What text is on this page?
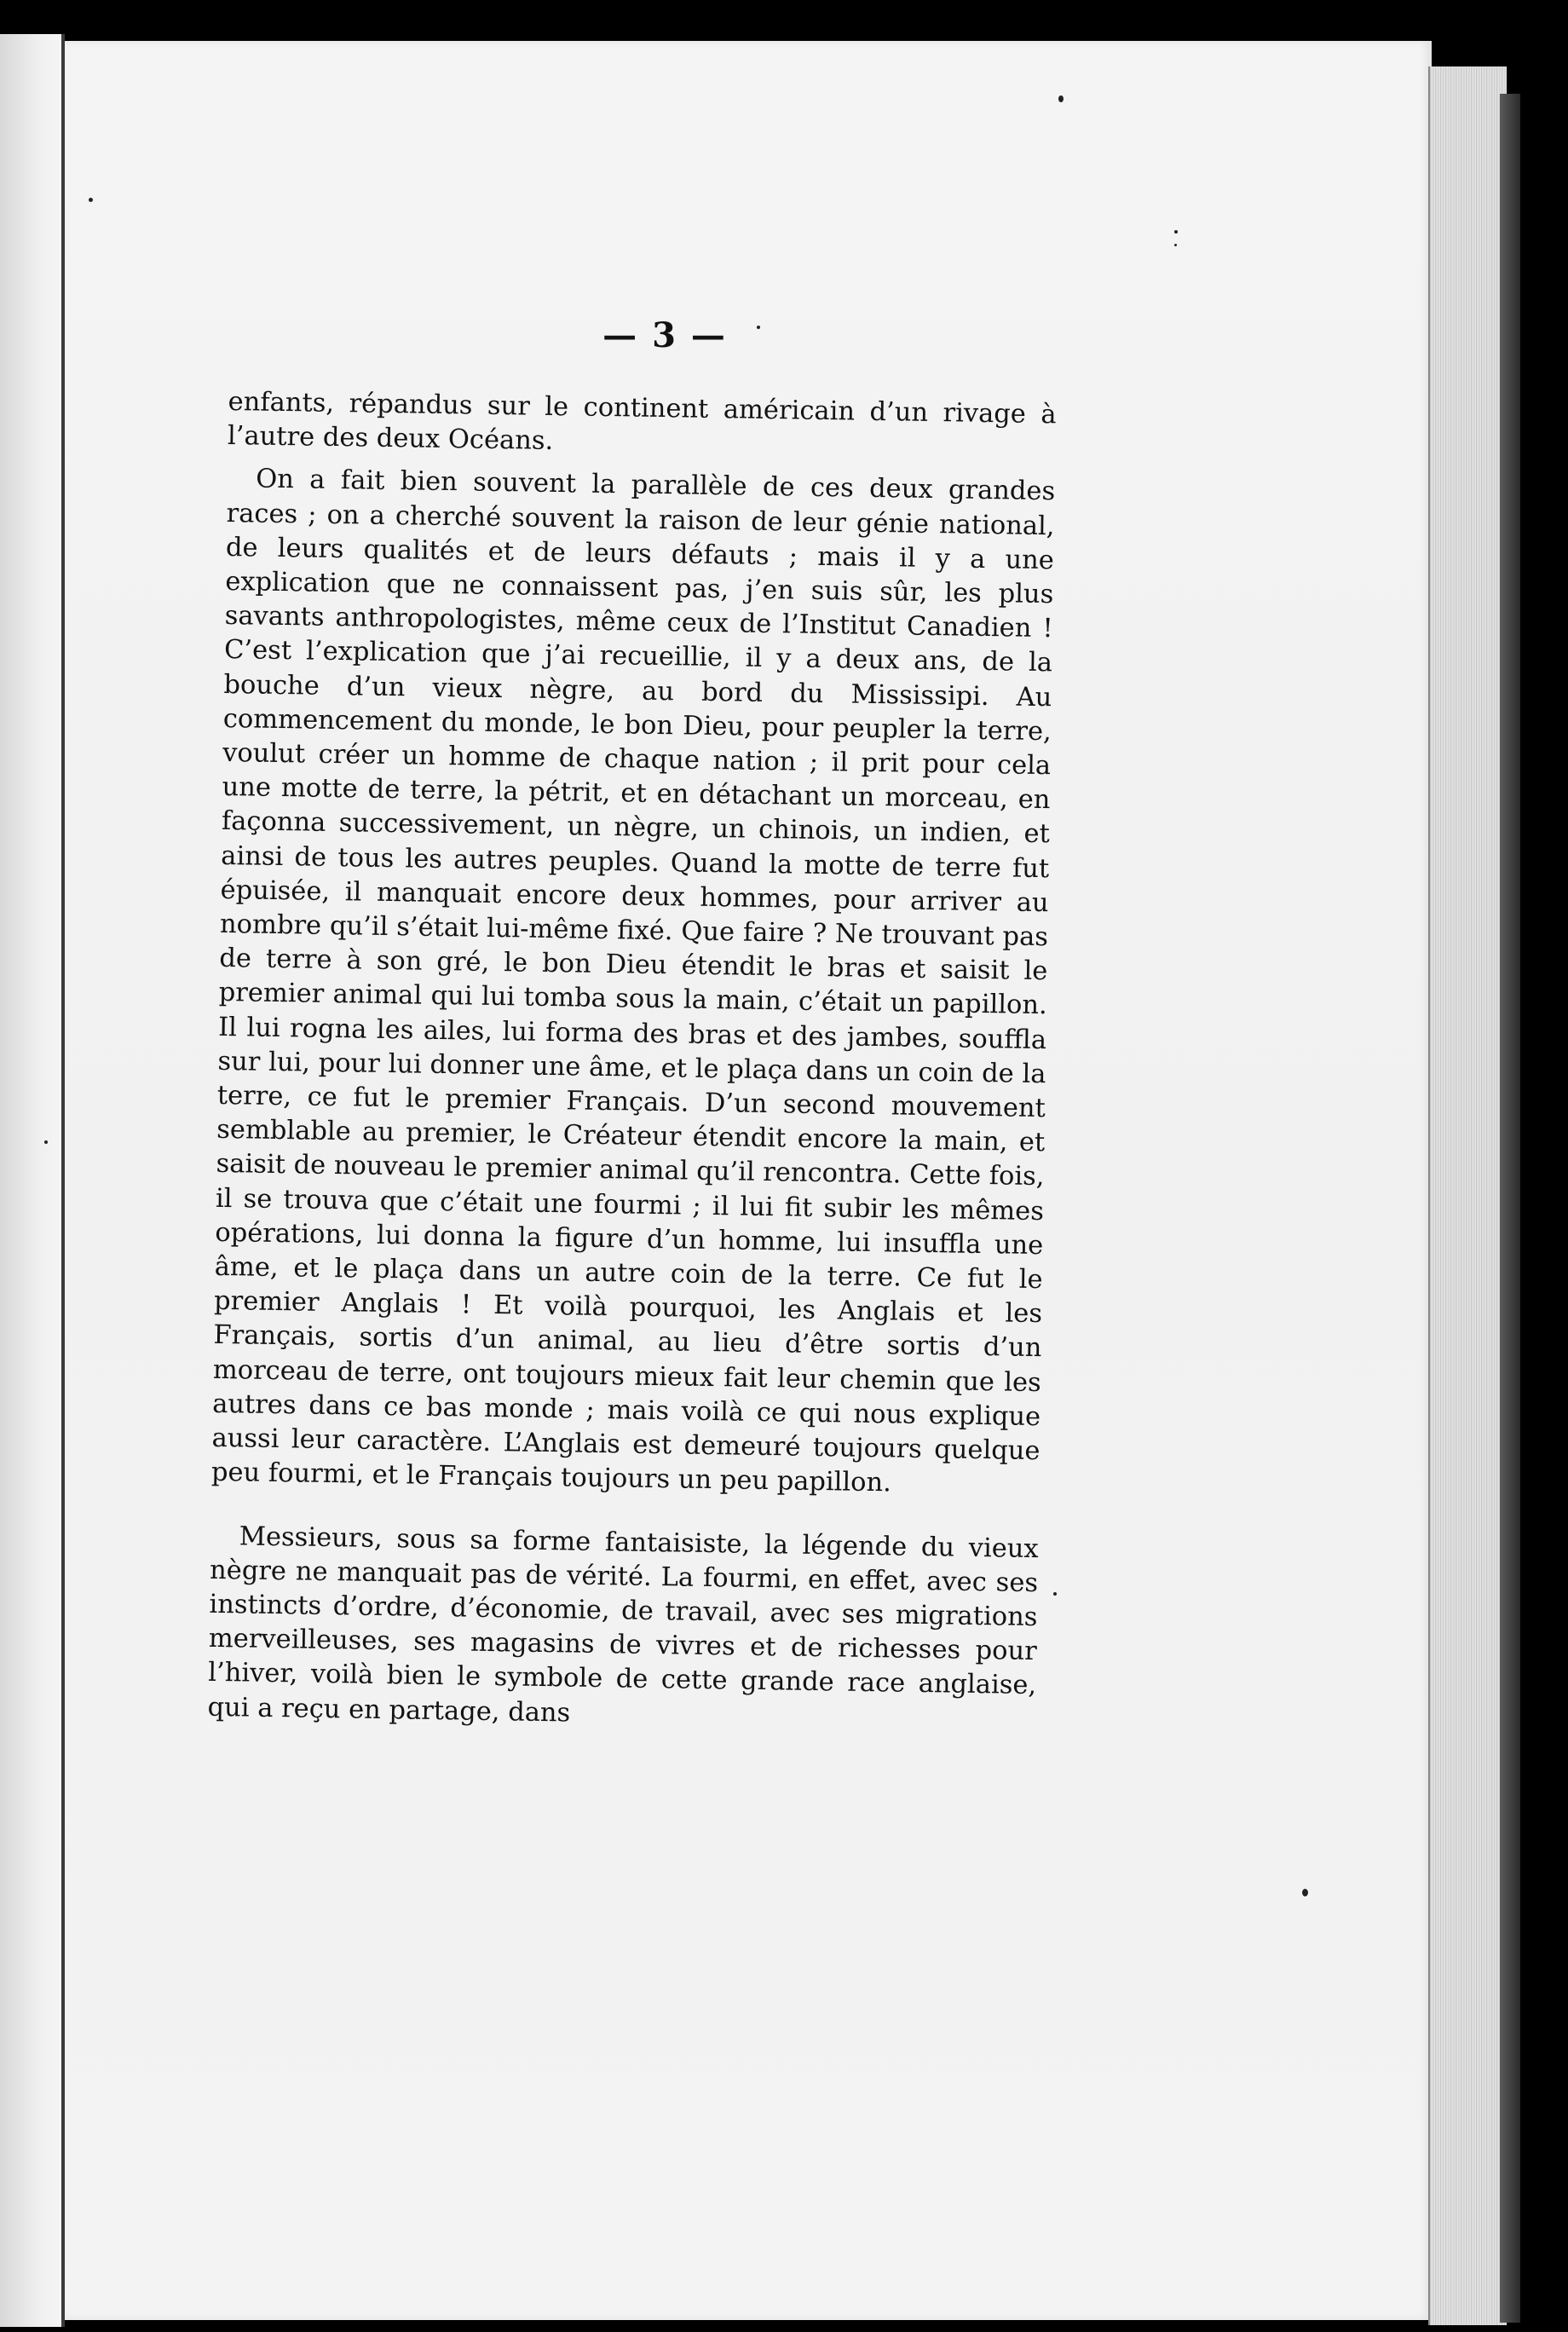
— 3 —

enfants, répandus sur le continent américain d’un rivage à l’autre des deux Océans.

On a fait bien souvent la parallèle de ces deux grandes races ; on a cherché souvent la raison de leur génie national, de leurs qualités et de leurs défauts ; mais il y a une explication que ne connaissent pas, j’en suis sûr, les plus savants anthropologistes, même ceux de l’Institut Canadien ! C’est l’explication que j’ai recueillie, il y a deux ans, de la bouche d’un vieux nègre, au bord du Mississipi. Au commencement du monde, le bon Dieu, pour peupler la terre, voulut créer un homme de chaque nation ; il prit pour cela une motte de terre, la pétrit, et en détachant un morceau, en façonna successivement, un nègre, un chinois, un indien, et ainsi de tous les autres peuples. Quand la motte de terre fut épuisée, il manquait encore deux hommes, pour arriver au nombre qu’il s’était lui-même fixé. Que faire ? Ne trouvant pas de terre à son gré, le bon Dieu étendit le bras et saisit le premier animal qui lui tomba sous la main, c’était un papillon. Il lui rogna les ailes, lui forma des bras et des jambes, souffla sur lui, pour lui donner une âme, et le plaça dans un coin de la terre, ce fut le premier Français. D’un second mouvement semblable au premier, le Créateur étendit encore la main, et saisit de nouveau le premier animal qu’il rencontra. Cette fois, il se trouva que c’était une fourmi ; il lui fit subir les mêmes opérations, lui donna la figure d’un homme, lui insuffla une âme, et le plaça dans un autre coin de la terre. Ce fut le premier Anglais ! Et voilà pourquoi, les Anglais et les Français, sortis d’un animal, au lieu d’être sortis d’un morceau de terre, ont toujours mieux fait leur chemin que les autres dans ce bas monde ; mais voilà ce qui nous explique aussi leur caractère. L’Anglais est demeuré toujours quelque peu fourmi, et le Français toujours un peu papillon.

Messieurs, sous sa forme fantaisiste, la légende du vieux nègre ne manquait pas de vérité. La fourmi, en effet, avec ses instincts d’ordre, d’économie, de travail, avec ses migrations merveilleuses, ses magasins de vivres et de richesses pour l’hiver, voilà bien le symbole de cette grande race anglaise, qui a reçu en partage, dans
